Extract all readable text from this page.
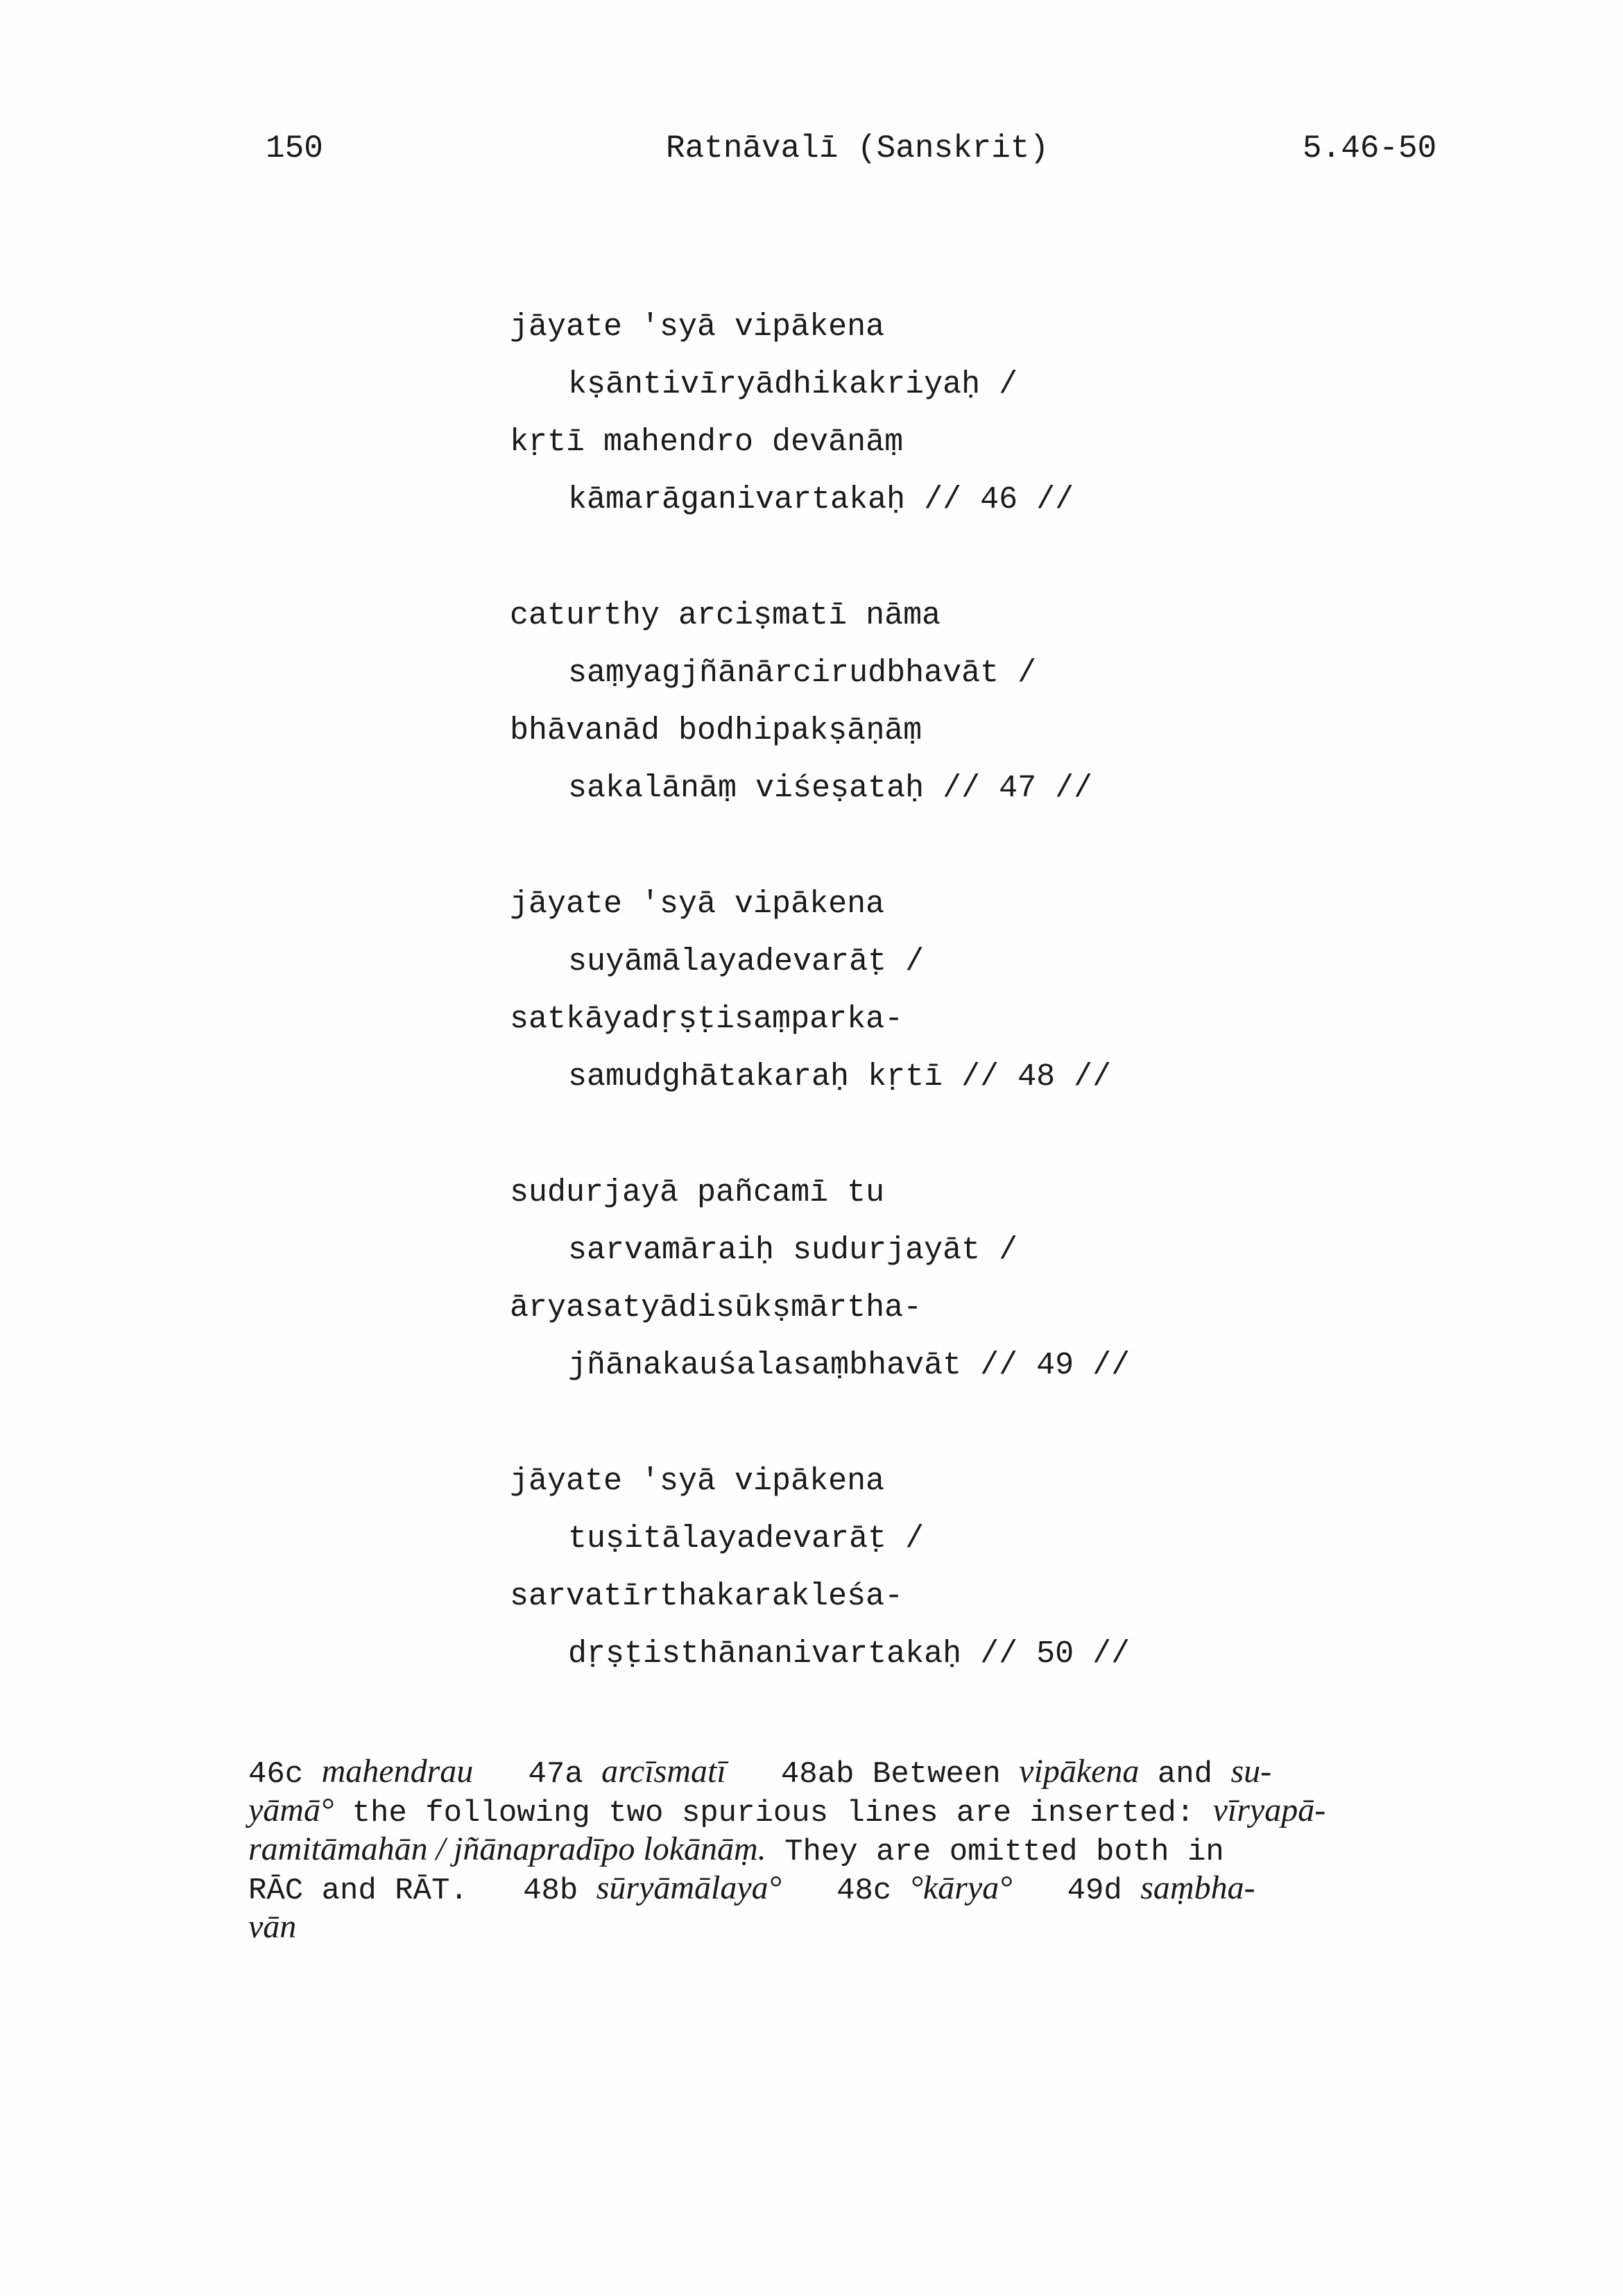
150	Ratnāvalī (Sanskrit)	5.46-50
jāyate 'syā vipākena
kṣāntivīryādhikakriyaḥ /
kṛtī mahendro devānāṃ
kāmarāganivartakaḥ // 46 //
caturthy arciṣmatī nāma
saṃyagjñānārcirudbhavāt /
bhāvanād bodhipakṣāṇāṃ
sakalānāṃ viśeṣataḥ // 47 //
jāyate 'syā vipākena
suyāmālayadevarāṭ /
satkāyadṛṣṭisaṃparka-
samudghātakaraḥ kṛtī // 48 //
sudurjayā pañcamī tu
sarvamāraiḥ sudurjayāt /
āryasatyādisūkṣmārtha-
jñānakauśalasaṃbhavāt // 49 //
jāyate 'syā vipākena
tuṣitālayadevarāṭ /
sarvatīrthakarakleśa-
dṛṣṭisthānanivartakaḥ // 50 //
46c mahendrau 47a arcīsmatī 48ab Between vipākena and su-
yāmā° the following two spurious lines are inserted: vīryapā-
ramitāmahān / jñānapradīpo lokānāṃ. They are omitted both in
RĀC and RĀT. 48b sūryāmālaya° 48c °kārya° 49d saṃbha-
vān
